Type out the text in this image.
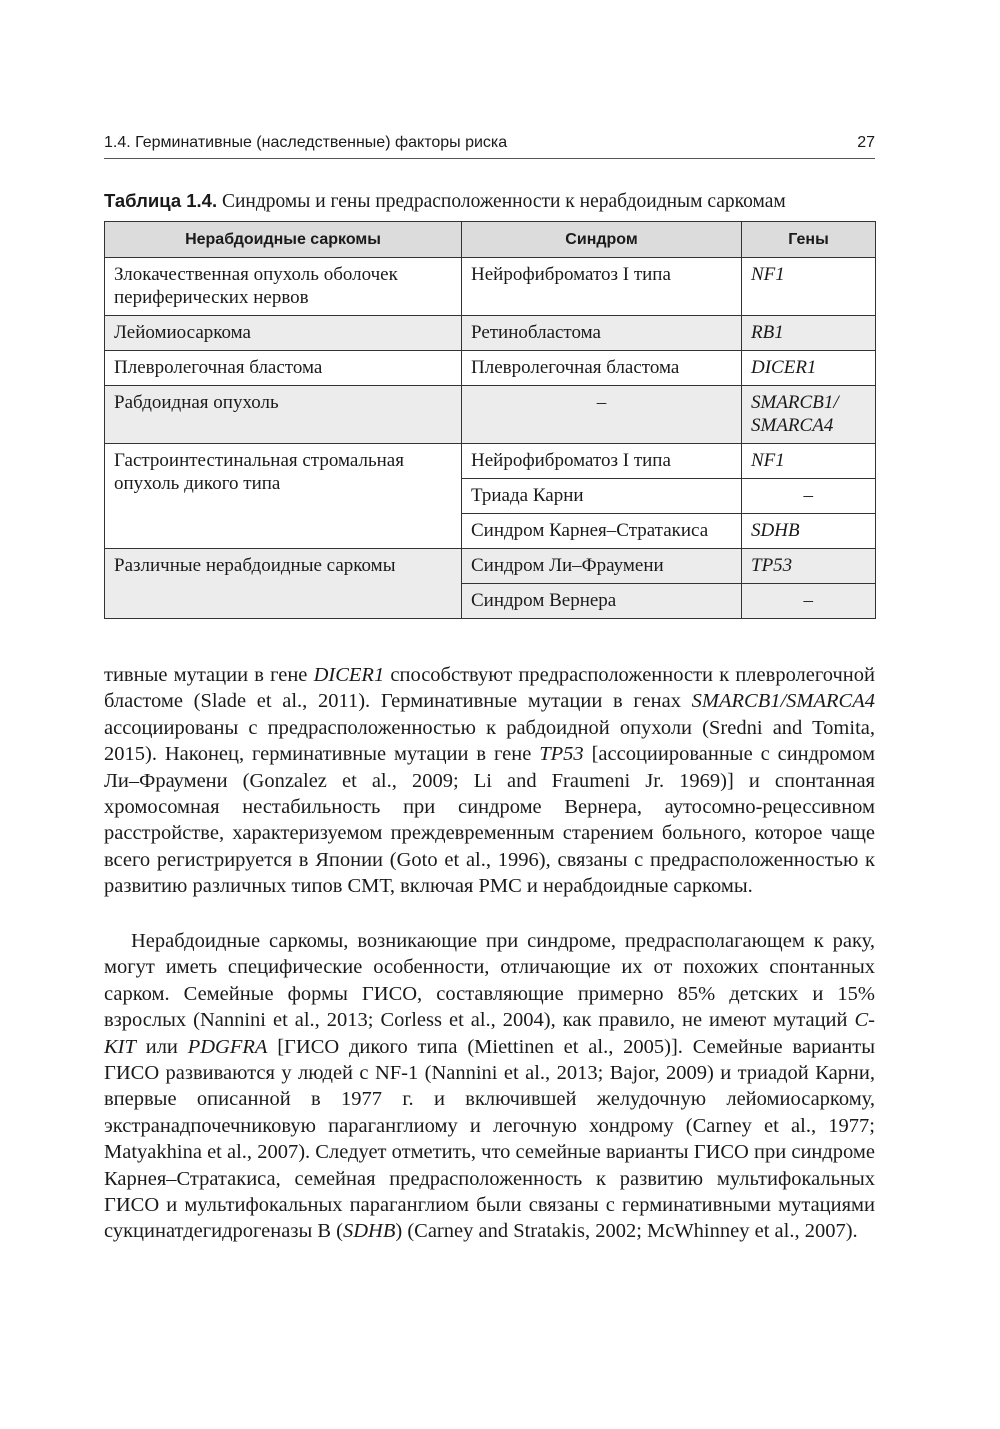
1.4. Герминативные (наследственные) факторы риска	27
Таблица 1.4. Синдромы и гены предрасположенности к нерабдоидным саркомам
Нерабдоидные саркомы	Синдром	Гены
Злокачественная опухоль оболочек периферических нервов	Нейрофиброматоз I типа	NF1
Лейомиосаркома	Ретинобластома	RB1
Плевролегочная бластома	Плевролегочная бластома	DICER1
Рабдоидная опухоль	–	SMARCB1/ SMARCA4
Гастроинтестинальная стромальная опухоль дикого типа	Нейрофиброматоз I типа	NF1
	Триада Карни	–
	Синдром Карнея–Стратакиса	SDHB
Различные нерабдоидные саркомы	Синдром Ли–Фраумени	TP53
	Синдром Вернера	–

тивные мутации в гене DICER1 способствуют предрасположенности к плевролегочной бластоме (Slade et al., 2011). Герминативные мутации в генах SMARCB1/SMARCA4 ассоциированы с предрасположенностью к рабдоидной опухоли (Sredni and Tomita, 2015). Наконец, герминативные мутации в гене TP53 [ассоциированные с синдромом Ли–Фраумени (Gonzalez et al., 2009; Li and Fraumeni Jr. 1969)] и спонтанная хромосомная нестабильность при синдроме Вернера, аутосомно-рецессивном расстройстве, характеризуемом преждевременным старением больного, которое чаще всего регистрируется в Японии (Goto et al., 1996), связаны с предрасположенностью к развитию различных типов СМТ, включая РМС и нерабдоидные саркомы.

Нерабдоидные саркомы, возникающие при синдроме, предрасполагающем к раку, могут иметь специфические особенности, отличающие их от похожих спонтанных сарком. Семейные формы ГИСО, составляющие примерно 85% детских и 15% взрослых (Nannini et al., 2013; Corless et al., 2004), как правило, не имеют мутаций C-KIT или PDGFRA [ГИСО дикого типа (Miettinen et al., 2005)]. Семейные варианты ГИСО развиваются у людей с NF-1 (Nannini et al., 2013; Bajor, 2009) и триадой Карни, впервые описанной в 1977 г. и включившей желудочную лейомиосаркому, экстранадпочечниковую параганглиому и легочную хондрому (Carney et al., 1977; Matyakhina et al., 2007). Следует отметить, что семейные варианты ГИСО при синдроме Карнея–Стратакиса, семейная предрасположенность к развитию мультифокальных ГИСО и мультифокальных параганглиом были связаны с герминативными мутациями сукцинатдегидрогеназы B (SDHB) (Carney and Stratakis, 2002; McWhinney et al., 2007).
